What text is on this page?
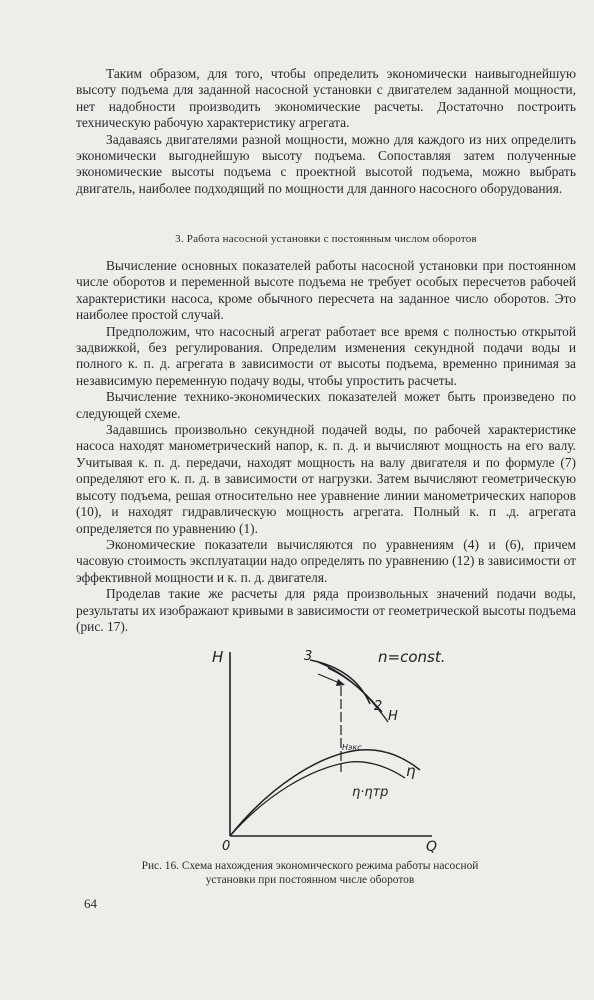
Таким образом, для того, чтобы определить экономически наивыгоднейшую высоту подъема для заданной насосной установки с двигателем заданной мощности, нет надобности производить экономические расчеты. Достаточно построить техническую рабочую характеристику агрегата.

Задаваясь двигателями разной мощности, можно для каждого из них определить экономически выгоднейшую высоту подъема. Сопоставляя затем полученные экономические высоты подъема с проектной высотой подъема, можно выбрать двигатель, наиболее подходящий по мощности для данного насосного оборудования.

3. Работа насосной установки с постоянным числом оборотов

Вычисление основных показателей работы насосной установки при постоянном числе оборотов и переменной высоте подъема не требует особых пересчетов рабочей характеристики насоса, кроме обычного пересчета на заданное число оборотов. Это наиболее простой случай.

Предположим, что насосный агрегат работает все время с полностью открытой задвижкой, без регулирования. Определим изменения секундной подачи воды и полного к. п. д. агрегата в зависимости от высоты подъема, временно принимая за независимую переменную подачу воды, чтобы упростить расчеты.

Вычисление технико-экономических показателей может быть произведено по следующей схеме.

Задавшись произвольно секундной подачей воды, по рабочей характеристике насоса находят манометрический напор, к. п. д. и вычисляют мощность на его валу. Учитывая к. п. д. передачи, находят мощность на валу двигателя и по формуле (7) определяют его к. п. д. в зависимости от нагрузки. Затем вычисляют геометрическую высоту подъема, решая относительно нее уравнение линии манометрических напоров (10), и находят гидравлическую мощность агрегата. Полный к. п .д. агрегата определяется по уравнению (1).

Экономические показатели вычисляются по уравнениям (4) и (6), причем часовую стоимость эксплуатации надо определять по уравнению (12) в зависимости от эффективной мощности и к. п. д. двигателя.

Проделав такие же расчеты для ряда произвольных значений подачи воды, результаты их изображают кривыми в зависимости от геометрической высоты подъема (рис. 17).

H
Q
0
3	n=const.
2
H
Hэкс
η
η·ηтр
Рис. 16. Схема нахождения экономического режима работы насосной установки при постоянном числе оборотов
64
